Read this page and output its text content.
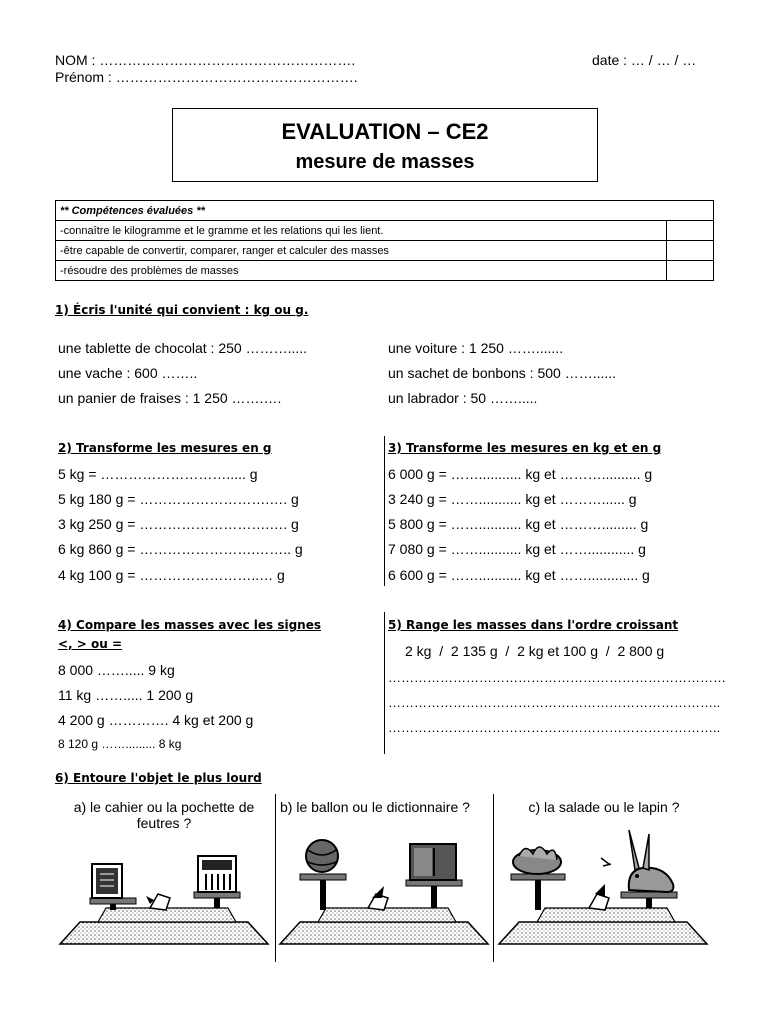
NOM : ……………………………………………….
Prénom : …………………………………………….
date : … / … / …
EVALUATION – CE2
mesure de masses
** Compétences évaluées **	
-connaître le kilogramme et le gramme et les relations qui les lient.	
-être capable de convertir, comparer, ranger et calculer des masses	
-résoudre des problèmes de masses	
1) Écris l'unité qui convient : kg ou g.
une tablette de chocolat : 250 ……….....
une vache : 600 ……..
un panier de fraises : 1 250 …….….
une voiture : 1 250 …….......
un sachet de bonbons : 500 ……......
un labrador : 50 …….....
2) Transforme les mesures en g
5 kg = ………………………..... g
5 kg 180 g = ……………………….…. g
3 kg 250 g = ……………………….…. g
6 kg 860 g = …………………….…….. g
4 kg 100 g = ……………………..… g
3) Transforme les mesures en kg et en g
6 000 g = ……........... kg et ……….......... g
3 240 g = ……........... kg et ………...... g
5 800 g = ……........... kg et ………......... g
7 080 g = ……........... kg et ……............ g
6 600 g = ……........... kg et ……............. g
4) Compare les masses avec les signes
<, > ou =
8 000 ……..... 9 kg
11 kg ……..... 1 200 g
4 200 g …………. 4 kg et 200 g
8 120 g ……......... 8 kg
5) Range les masses dans l'ordre croissant
2 kg  /  2 135 g  /  2 kg et 100 g  /  2 800 g
……………………………………………………………………
…………………………………………………………………..
…………………………………………………………………..
6) Entoure l'objet le plus lourd
a) le cahier ou la pochette de feutres ?
b) le ballon ou le dictionnaire ?	c) la salade ou le lapin ?
